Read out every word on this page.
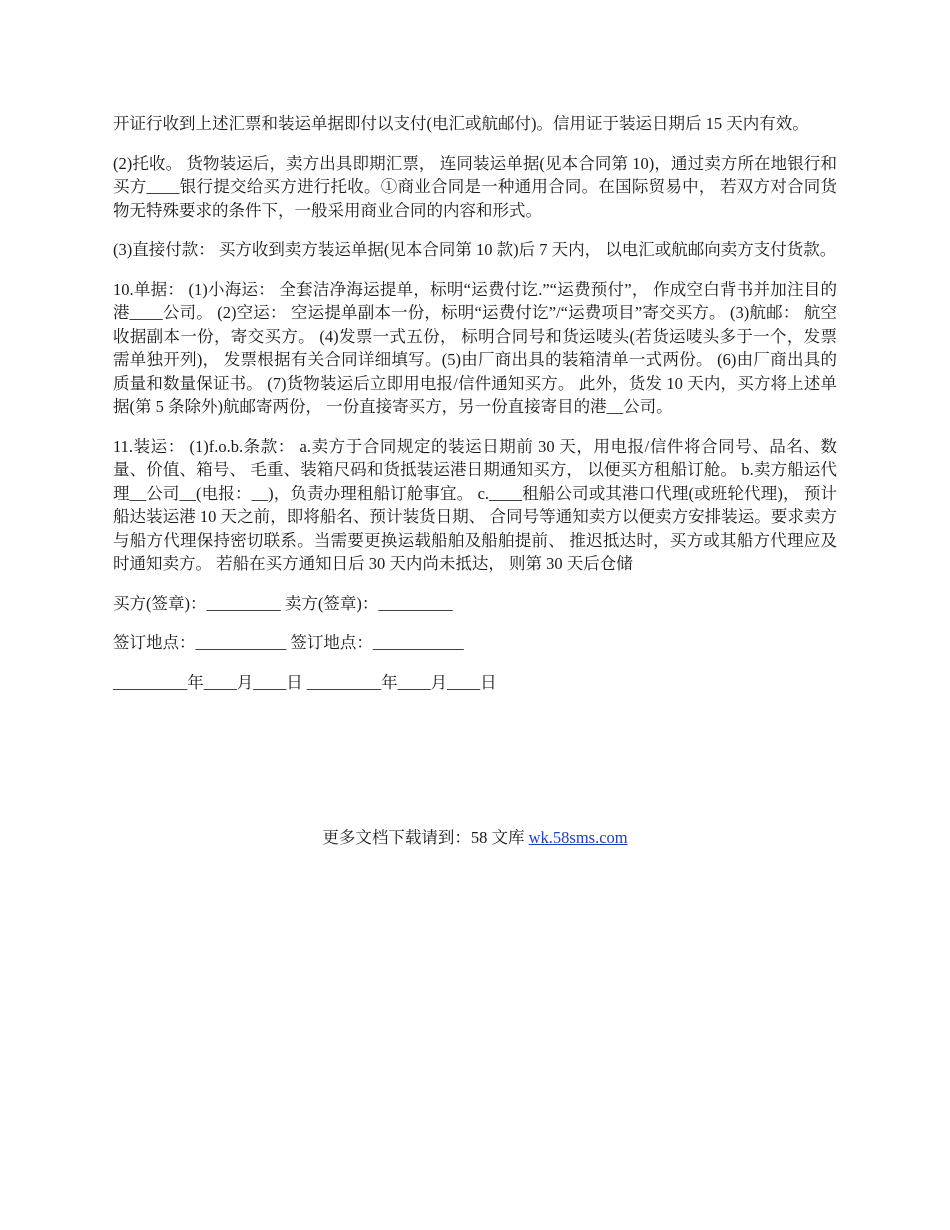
开证行收到上述汇票和装运单据即付以支付(电汇或航邮付)。信用证于装运日期后 15 天内有效。

(2)托收。 货物装运后，卖方出具即期汇票， 连同装运单据(见本合同第 10)，通过卖方所在地银行和买方____银行提交给买方进行托收。①商业合同是一种通用合同。在国际贸易中， 若双方对合同货物无特殊要求的条件下，一般采用商业合同的内容和形式。

(3)直接付款： 买方收到卖方装运单据(见本合同第 10 款)后 7 天内， 以电汇或航邮向卖方支付货款。

10.单据： (1)小海运： 全套洁净海运提单，标明“运费付讫.”“运费预付”， 作成空白背书并加注目的港____公司。 (2)空运： 空运提单副本一份，标明“运费付讫”/“运费项目”寄交买方。 (3)航邮： 航空收据副本一份，寄交买方。 (4)发票一式五份， 标明合同号和货运唛头(若货运唛头多于一个，发票需单独开列)， 发票根据有关合同详细填写。(5)由厂商出具的装箱清单一式两份。 (6)由厂商出具的质量和数量保证书。 (7)货物装运后立即用电报/信件通知买方。 此外，货发 10 天内，买方将上述单据(第 5 条除外)航邮寄两份， 一份直接寄买方，另一份直接寄目的港__公司。

11.装运： (1)f.o.b.条款： a.卖方于合同规定的装运日期前 30 天，用电报/信件将合同号、品名、数量、价值、箱号、 毛重、装箱尺码和货抵装运港日期通知买方， 以便买方租船订舱。 b.卖方船运代理__公司__(电报：__)，负责办理租船订舱事宜。 c.____租船公司或其港口代理(或班轮代理)， 预计船达装运港 10 天之前，即将船名、预计装货日期、 合同号等通知卖方以便卖方安排装运。要求卖方与船方代理保持密切联系。当需要更换运载船舶及船舶提前、 推迟抵达时，买方或其船方代理应及时通知卖方。 若船在买方通知日后 30 天内尚未抵达， 则第 30 天后仓储

买方(签章)：_________ 卖方(签章)：_________
签订地点：___________ 签订地点：___________
_________年____月____日 _________年____月____日
更多文档下载请到：58 文库 wk.58sms.com
